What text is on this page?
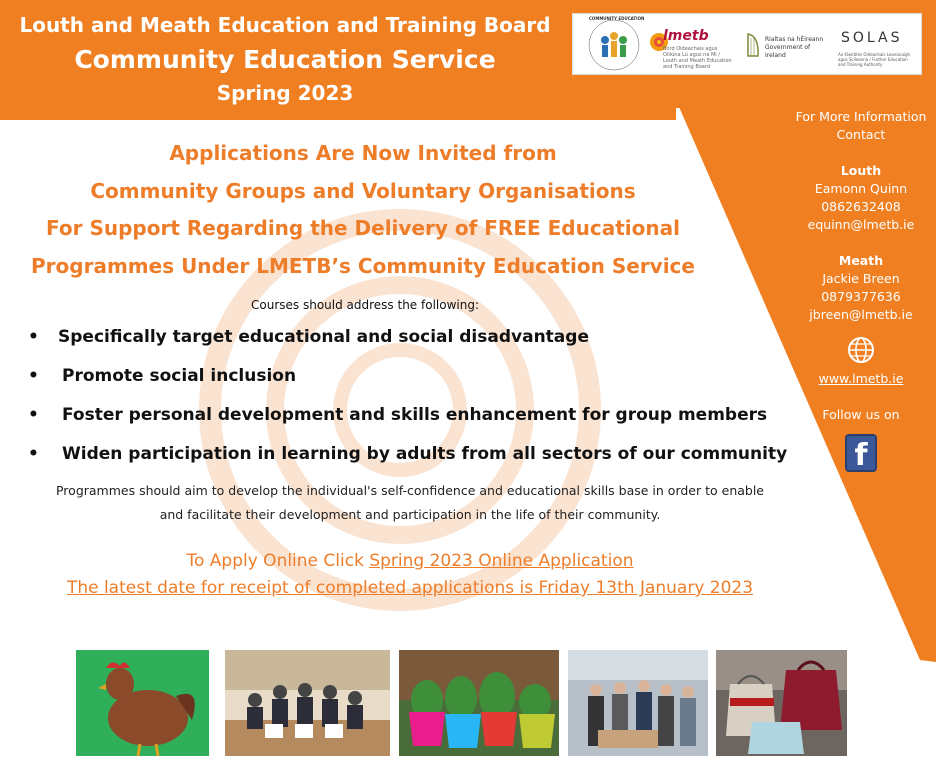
Louth and Meath Education and Training Board
Community Education Service
Spring 2023
COMMUNITY EDUCATION
lmetb
Bord Oideachais agus Oiliúna Lú agus na Mí / Louth and Meath Education and Training Board
Rialtas na hÉireann Government of Ireland
SOLAS
An tSeirbhís Oideachais Leanúnaigh agus Scileanna / Further Education and Training Authority
Applications Are Now Invited from
Community Groups and Voluntary Organisations
For Support Regarding the Delivery of FREE Educational
Programmes Under LMETB’s Community Education Service
Courses should address the following:
• Specifically target educational and social disadvantage
• Promote social inclusion
• Foster personal development and skills enhancement for group members
• Widen participation in learning by adults from all sectors of our community
Programmes should aim to develop the individual's self-confidence and educational skills base in order to enable
and facilitate their development and participation in the life of their community.
To Apply Online Click Spring 2023 Online Application
The latest date for receipt of completed applications is Friday 13th January 2023
For More Information
Contact
Louth
Eamonn Quinn
0862632408
equinn@lmetb.ie
Meath
Jackie Breen
0879377636
jbreen@lmetb.ie
www.lmetb.ie
Follow us on
f
